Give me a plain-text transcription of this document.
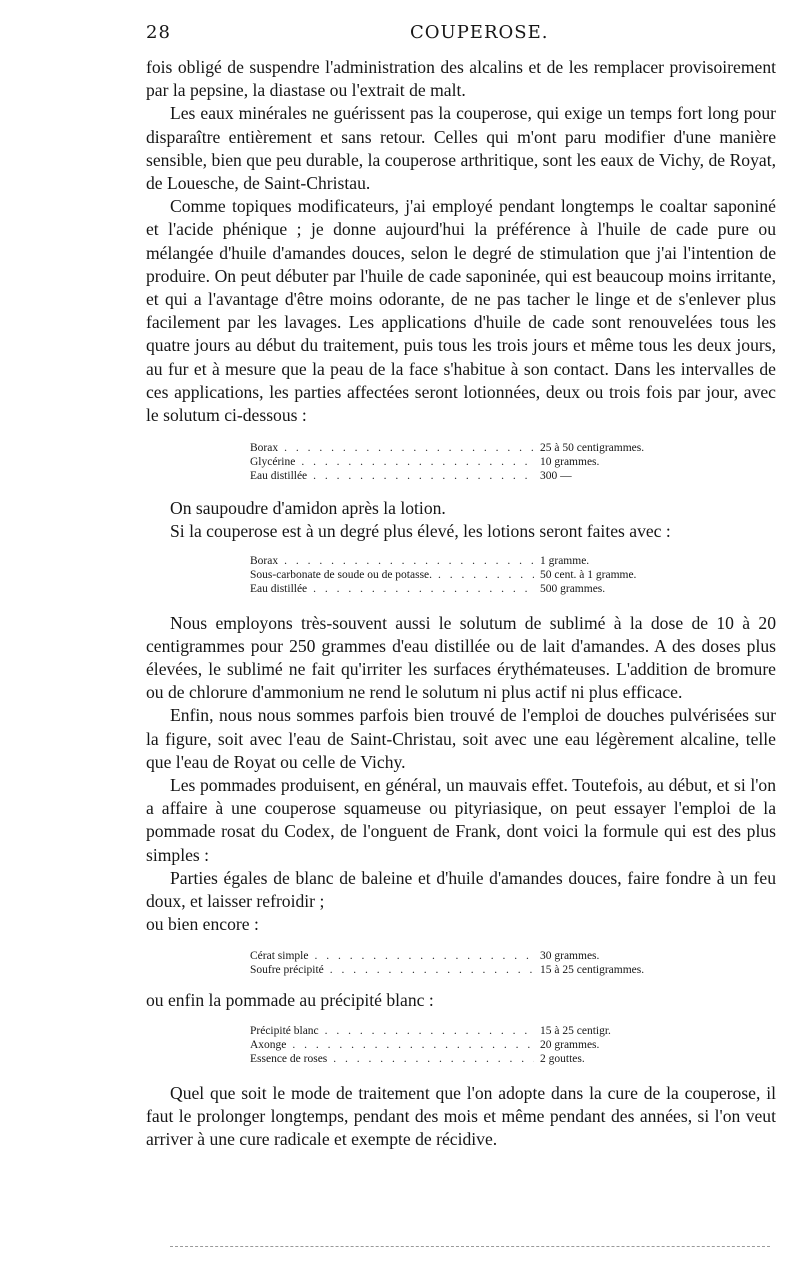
28	COUPEROSE.

fois obligé de suspendre l'administration des alcalins et de les remplacer provisoirement par la pepsine, la diastase ou l'extrait de malt.

Les eaux minérales ne guérissent pas la couperose, qui exige un temps fort long pour disparaître entièrement et sans retour. Celles qui m'ont paru modifier d'une manière sensible, bien que peu durable, la couperose arthritique, sont les eaux de Vichy, de Royat, de Louesche, de Saint-Christau.

Comme topiques modificateurs, j'ai employé pendant longtemps le coaltar saponiné et l'acide phénique ; je donne aujourd'hui la préférence à l'huile de cade pure ou mélangée d'huile d'amandes douces, selon le degré de stimulation que j'ai l'intention de produire. On peut débuter par l'huile de cade saponinée, qui est beaucoup moins irritante, et qui a l'avantage d'être moins odorante, de ne pas tacher le linge et de s'enlever plus facilement par les lavages. Les applications d'huile de cade sont renouvelées tous les quatre jours au début du traitement, puis tous les trois jours et même tous les deux jours, au fur et à mesure que la peau de la face s'habitue à son contact. Dans les intervalles de ces applications, les parties affectées seront lotionnées, deux ou trois fois par jour, avec le solutum ci-dessous :

Borax . . .	25 à 50 centigrammes.
Glycérine . . .	10 grammes.
Eau distillée . . .	300 —

On saupoudre d'amidon après la lotion.

Si la couperose est à un degré plus élevé, les lotions seront faites avec :

Borax . . .	1 gramme.
Sous-carbonate de soude ou de potasse. . . .	50 cent. à 1 gramme.
Eau distillée . . .	500 grammes.

Nous employons très-souvent aussi le solutum de sublimé à la dose de 10 à 20 centigrammes pour 250 grammes d'eau distillée ou de lait d'amandes. A des doses plus élevées, le sublimé ne fait qu'irriter les surfaces érythémateuses. L'addition de bromure ou de chlorure d'ammonium ne rend le solutum ni plus actif ni plus efficace.

Enfin, nous nous sommes parfois bien trouvé de l'emploi de douches pulvérisées sur la figure, soit avec l'eau de Saint-Christau, soit avec une eau légèrement alcaline, telle que l'eau de Royat ou celle de Vichy.

Les pommades produisent, en général, un mauvais effet. Toutefois, au début, et si l'on a affaire à une couperose squameuse ou pityriasique, on peut essayer l'emploi de la pommade rosat du Codex, de l'onguent de Frank, dont voici la formule qui est des plus simples :

Parties égales de blanc de baleine et d'huile d'amandes douces, faire fondre à un feu doux, et laisser refroidir ;

ou bien encore :

Cérat simple . . .	30 grammes.
Soufre précipité . . .	15 à 25 centigrammes.

ou enfin la pommade au précipité blanc :

Précipité blanc . . .	15 à 25 centigr.
Axonge . . .	20 grammes.
Essence de roses . . .	2 gouttes.

Quel que soit le mode de traitement que l'on adopte dans la cure de la couperose, il faut le prolonger longtemps, pendant des mois et même pendant des années, si l'on veut arriver à une cure radicale et exempte de récidive.
